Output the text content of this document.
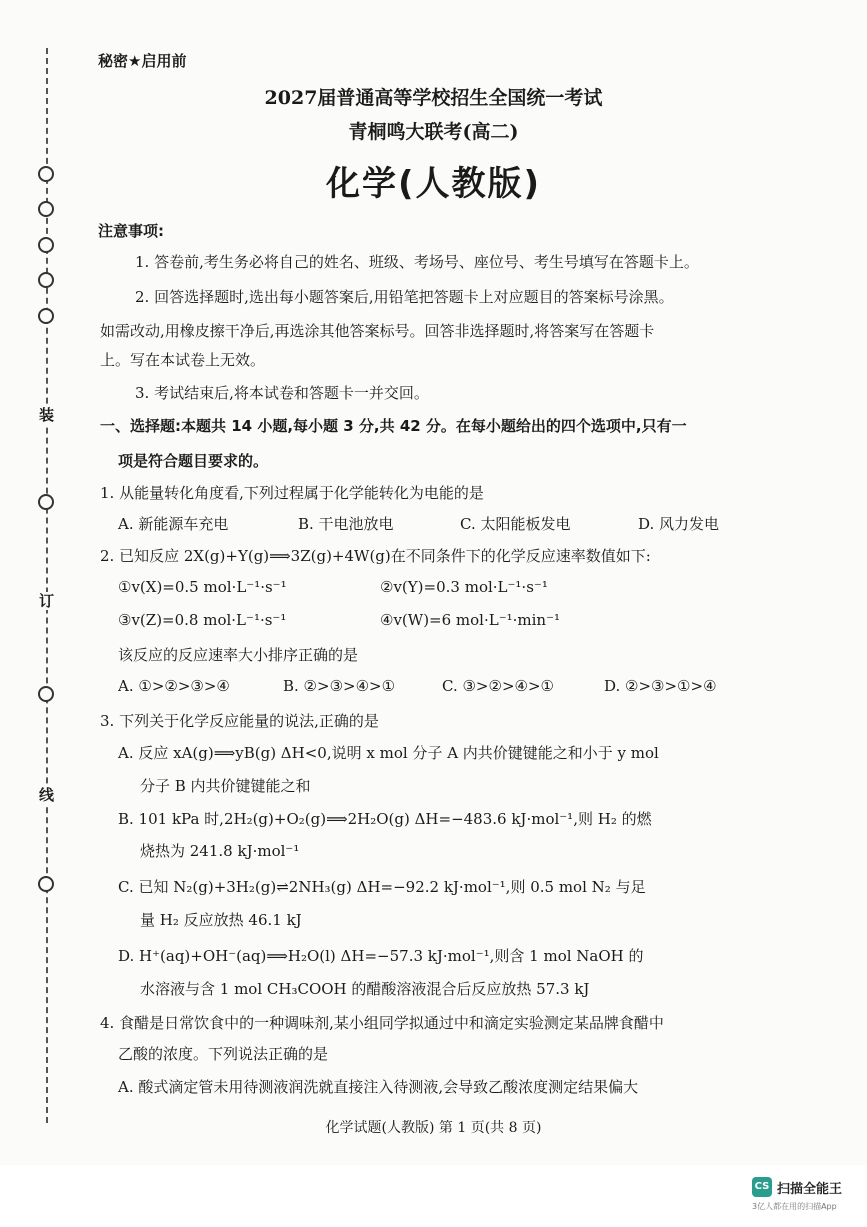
装
订
线
秘密★启用前
2027届普通高等学校招生全国统一考试
青桐鸣大联考(高二)
化学(人教版)
注意事项:
1. 答卷前,考生务必将自己的姓名、班级、考场号、座位号、考生号填写在答题卡上。
2. 回答选择题时,选出每小题答案后,用铅笔把答题卡上对应题目的答案标号涂黑。
如需改动,用橡皮擦干净后,再选涂其他答案标号。回答非选择题时,将答案写在答题卡
上。写在本试卷上无效。
3. 考试结束后,将本试卷和答题卡一并交回。
一、选择题:本题共 14 小题,每小题 3 分,共 42 分。在每小题给出的四个选项中,只有一
项是符合题目要求的。
1. 从能量转化角度看,下列过程属于化学能转化为电能的是
A. 新能源车充电	B. 干电池放电	C. 太阳能板发电	D. 风力发电
2. 已知反应 2X(g)+Y(g)⟹3Z(g)+4W(g)在不同条件下的化学反应速率数值如下:
①v(X)=0.5 mol·L⁻¹·s⁻¹	②v(Y)=0.3 mol·L⁻¹·s⁻¹
③v(Z)=0.8 mol·L⁻¹·s⁻¹	④v(W)=6 mol·L⁻¹·min⁻¹
该反应的反应速率大小排序正确的是
A. ①>②>③>④	B. ②>③>④>①	C. ③>②>④>①	D. ②>③>①>④
3. 下列关于化学反应能量的说法,正确的是
A. 反应 xA(g)⟹yB(g) ΔH<0,说明 x mol 分子 A 内共价键键能之和小于 y mol
分子 B 内共价键键能之和
B. 101 kPa 时,2H₂(g)+O₂(g)⟹2H₂O(g) ΔH=−483.6 kJ·mol⁻¹,则 H₂ 的燃
烧热为 241.8 kJ·mol⁻¹
C. 已知 N₂(g)+3H₂(g)⇌2NH₃(g) ΔH=−92.2 kJ·mol⁻¹,则 0.5 mol N₂ 与足
量 H₂ 反应放热 46.1 kJ
D. H⁺(aq)+OH⁻(aq)⟹H₂O(l) ΔH=−57.3 kJ·mol⁻¹,则含 1 mol NaOH 的
水溶液与含 1 mol CH₃COOH 的醋酸溶液混合后反应放热 57.3 kJ
4. 食醋是日常饮食中的一种调味剂,某小组同学拟通过中和滴定实验测定某品牌食醋中
乙酸的浓度。下列说法正确的是
A. 酸式滴定管未用待测液润洗就直接注入待测液,会导致乙酸浓度测定结果偏大
化学试题(人教版) 第 1 页(共 8 页)
CS 扫描全能王
3亿人都在用的扫描App
